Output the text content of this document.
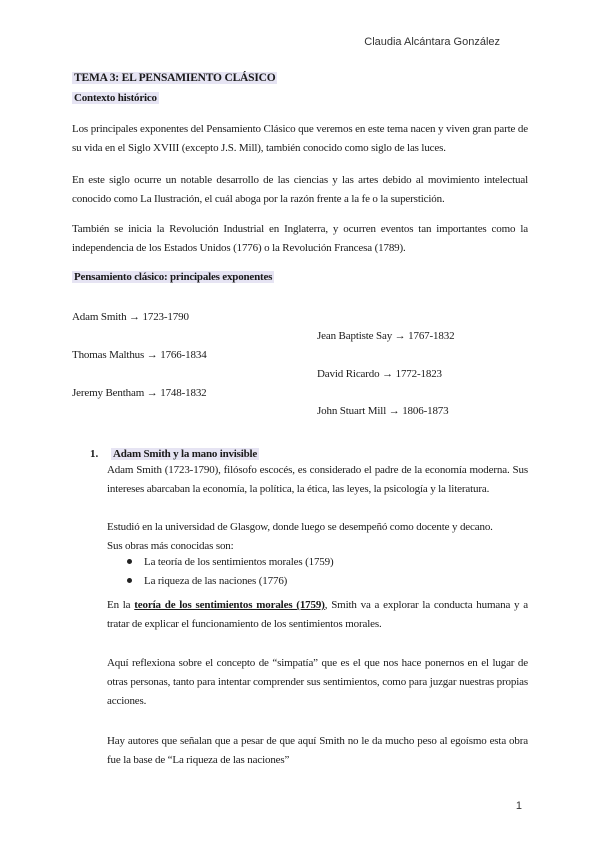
Claudia Alcántara González
TEMA 3: EL PENSAMIENTO CLÁSICO
Contexto histórico
Los principales exponentes del Pensamiento Clásico que veremos en este tema nacen y viven gran parte de su vida en el Siglo XVIII (excepto J.S. Mill), también conocido como siglo de las luces.
En este siglo ocurre un notable desarrollo de las ciencias y las artes debido al movimiento intelectual conocido como La Ilustración, el cuál aboga por la razón frente a la fe o la superstición.
También se inicia la Revolución Industrial en Inglaterra, y ocurren eventos tan importantes como la independencia de los Estados Unidos (1776) o la Revolución Francesa (1789).
Pensamiento clásico: principales exponentes
Adam Smith → 1723-1790
Thomas Malthus → 1766-1834
Jeremy Bentham → 1748-1832
Jean Baptiste Say → 1767-1832
David Ricardo → 1772-1823
John Stuart Mill → 1806-1873
1. Adam Smith y la mano invisible
Adam Smith (1723-1790), filósofo escocés, es considerado el padre de la economía moderna. Sus intereses abarcaban la economía, la política, la ética, las leyes, la psicología y la literatura.
Estudió en la universidad de Glasgow, donde luego se desempeñó como docente y decano.
Sus obras más conocidas son:
La teoría de los sentimientos morales (1759)
La riqueza de las naciones (1776)
En la teoría de los sentimientos morales (1759), Smith va a explorar la conducta humana y a tratar de explicar el funcionamiento de los sentimientos morales.
Aquí reflexiona sobre el concepto de “simpatía” que es el que nos hace ponernos en el lugar de otras personas, tanto para intentar comprender sus sentimientos, como para juzgar nuestras propias acciones.
Hay autores que señalan que a pesar de que aquí Smith no le da mucho peso al egoísmo esta obra fue la base de “La riqueza de las naciones”
1
